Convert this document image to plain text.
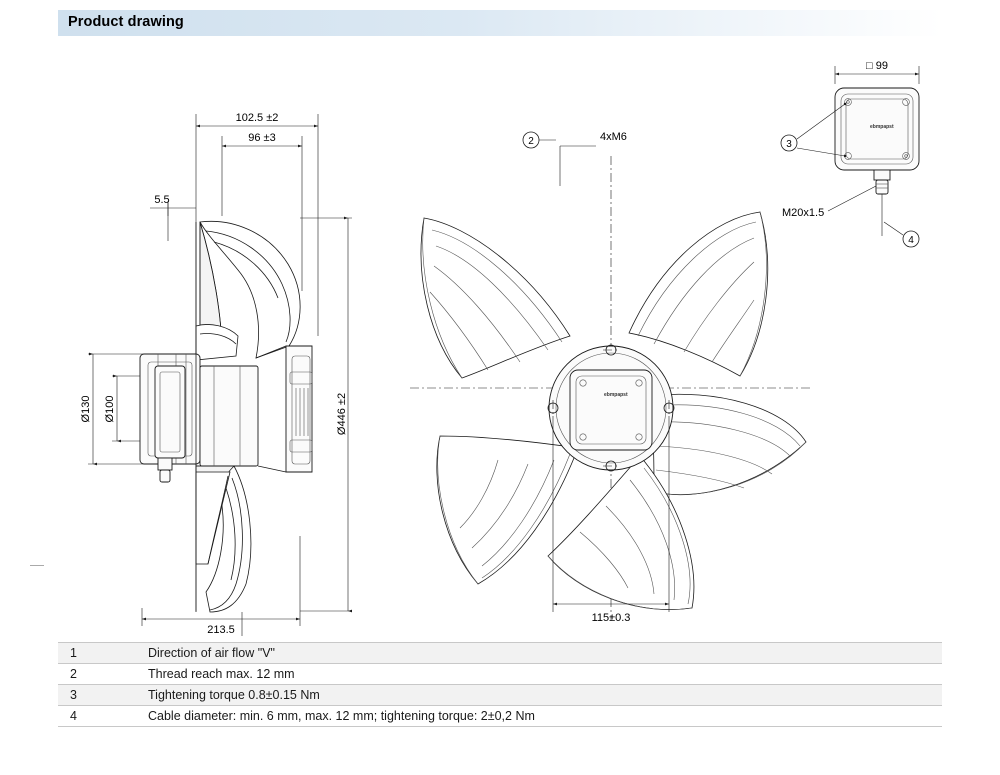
Product drawing
102.5 ±2
96 ±3
5.5
Ø446 ±2
Ø130 Ø100
213.5
4xM6
2
ebmpapst
115±0.3
□ 99
ebmpapst
3
M20x1.5
4
1	Direction of air flow "V"
2	Thread reach max. 12 mm
3	Tightening torque 0.8±0.15 Nm
4	Cable diameter: min. 6 mm, max. 12 mm; tightening torque: 2±0,2 Nm
